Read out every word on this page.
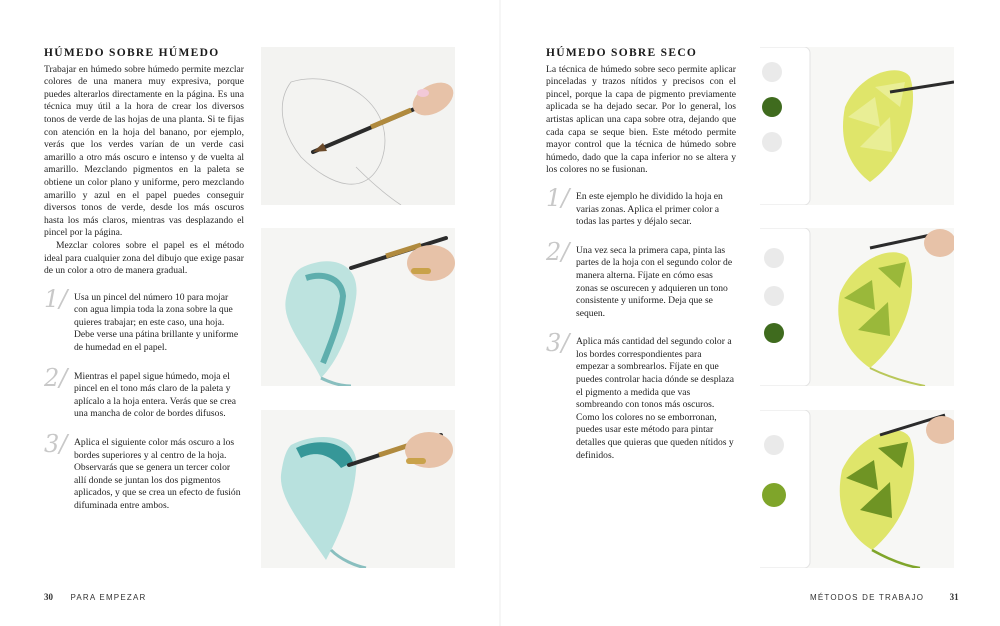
HÚMEDO SOBRE HÚMEDO

Trabajar en húmedo sobre húmedo permite mezclar colores de una manera muy expresiva, porque puedes alterarlos directamente en la página. Es una técnica muy útil a la hora de crear los diversos tonos de verde de las hojas de una planta. Si te fijas con atención en la hoja del banano, por ejemplo, verás que los verdes varían de un verde casi amarillo a otro más oscuro e intenso y de vuelta al amarillo. Mezclando pigmentos en la paleta se obtiene un color plano y uniforme, pero mezclando amarillo y azul en el papel puedes conseguir diversos tonos de verde, desde los más oscuros hasta los más claros, mientras vas desplazando el pincel por la página.

Mezclar colores sobre el papel es el método ideal para cualquier zona del dibujo que exige pasar de un color a otro de manera gradual.

1/ Usa un pincel del número 10 para mojar con agua limpia toda la zona sobre la que quieres trabajar; en este caso, una hoja. Debe verse una pátina brillante y uniforme de humedad en el papel.
2/ Mientras el papel sigue húmedo, moja el pincel en el tono más claro de la paleta y aplícalo a la hoja entera. Verás que se crea una mancha de color de bordes difusos.
3/ Aplica el siguiente color más oscuro a los bordes superiores y al centro de la hoja. Observarás que se genera un tercer color allí donde se juntan los dos pigmentos aplicados, y que se crea un efecto de fusión difuminada entre ambos.
30 PARA EMPEZAR
HÚMEDO SOBRE SECO

La técnica de húmedo sobre seco permite aplicar pinceladas y trazos nítidos y precisos con el pincel, porque la capa de pigmento previamente aplicada se ha dejado secar. Por lo general, los artistas aplican una capa sobre otra, dejando que cada capa se seque bien. Este método permite mayor control que la técnica de húmedo sobre húmedo, dado que la capa inferior no se altera y los colores no se fusionan.

1/ En este ejemplo he dividido la hoja en varias zonas. Aplica el primer color a todas las partes y déjalo secar.
2/ Una vez seca la primera capa, pinta las partes de la hoja con el segundo color de manera alterna. Fíjate en cómo esas zonas se oscurecen y adquieren un tono consistente y uniforme. Deja que se sequen.
3/ Aplica más cantidad del segundo color a los bordes correspondientes para empezar a sombrearlos. Fíjate en que puedes controlar hacia dónde se desplaza el pigmento a medida que vas sombreando con tonos más oscuros. Como los colores no se emborronan, puedes usar este método para pintar detalles que quieras que queden nítidos y definidos.
MÉTODOS DE TRABAJO	31
